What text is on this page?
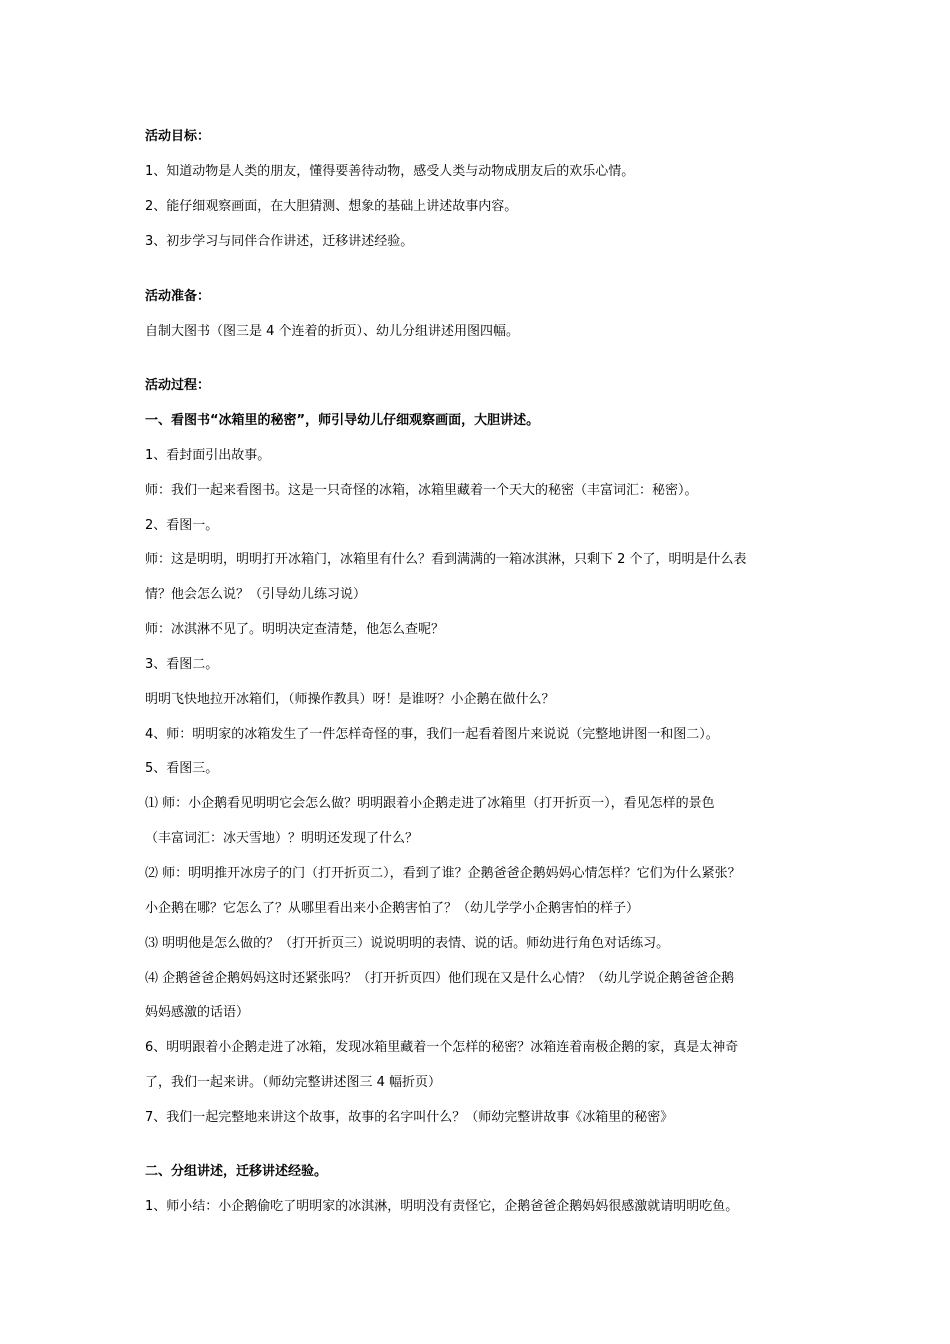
活动目标：
1、知道动物是人类的朋友，懂得要善待动物，感受人类与动物成朋友后的欢乐心情。
2、能仔细观察画面，在大胆猜测、想象的基础上讲述故事内容。
3、初步学习与同伴合作讲述，迁移讲述经验。
活动准备：
自制大图书（图三是 4 个连着的折页）、幼儿分组讲述用图四幅。
活动过程：
一、看图书“冰箱里的秘密”，师引导幼儿仔细观察画面，大胆讲述。
1、看封面引出故事。
师：我们一起来看图书。这是一只奇怪的冰箱，冰箱里藏着一个天大的秘密（丰富词汇：秘密）。
2、看图一。
师：这是明明，明明打开冰箱门，冰箱里有什么？看到满满的一箱冰淇淋，只剩下 2 个了，明明是什么表
情？他会怎么说？（引导幼儿练习说）
师：冰淇淋不见了。明明决定查清楚，他怎么查呢？
3、看图二。
明明飞快地拉开冰箱们，（师操作教具）呀！是谁呀？小企鹅在做什么？
4、师：明明家的冰箱发生了一件怎样奇怪的事，我们一起看着图片来说说（完整地讲图一和图二）。
5、看图三。
⑴ 师：小企鹅看见明明它会怎么做？明明跟着小企鹅走进了冰箱里（打开折页一），看见怎样的景色
（丰富词汇：冰天雪地）？明明还发现了什么？
⑵ 师：明明推开冰房子的门（打开折页二），看到了谁？企鹅爸爸企鹅妈妈心情怎样？它们为什么紧张？
小企鹅在哪？它怎么了？从哪里看出来小企鹅害怕了？（幼儿学学小企鹅害怕的样子）
⑶ 明明他是怎么做的？（打开折页三）说说明明的表情、说的话。师幼进行角色对话练习。
⑷ 企鹅爸爸企鹅妈妈这时还紧张吗？（打开折页四）他们现在又是什么心情？（幼儿学说企鹅爸爸企鹅
妈妈感激的话语）
6、明明跟着小企鹅走进了冰箱，发现冰箱里藏着一个怎样的秘密？冰箱连着南极企鹅的家，真是太神奇
了，我们一起来讲。（师幼完整讲述图三 4 幅折页）
7、我们一起完整地来讲这个故事，故事的名字叫什么？（师幼完整讲故事《冰箱里的秘密》
二、分组讲述，迁移讲述经验。
1、师小结：小企鹅偷吃了明明家的冰淇淋，明明没有责怪它，企鹅爸爸企鹅妈妈很感激就请明明吃鱼。
